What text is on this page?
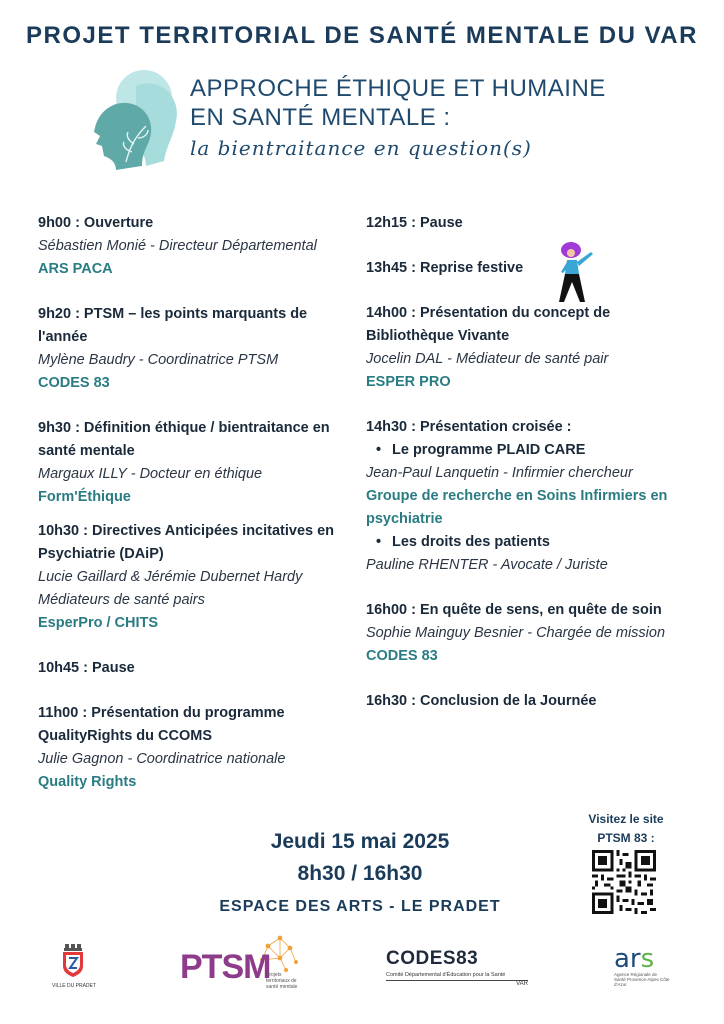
PROJET TERRITORIAL DE SANTÉ MENTALE DU VAR
APPROCHE ÉTHIQUE ET HUMAINE
EN SANTÉ MENTALE :
la bientraitance en question(s)
9h00 : Ouverture
Sébastien Monié - Directeur Départemental
ARS PACA
9h20 : PTSM – les points marquants de l'année
Mylène Baudry - Coordinatrice PTSM
CODES 83
9h30 : Définition éthique / bientraitance en santé mentale
Margaux ILLY - Docteur en éthique
Form'Éthique
10h30 : Directives Anticipées incitatives en Psychiatrie (DAiP)
Lucie Gaillard & Jérémie Dubernet Hardy
Médiateurs de santé pairs
EsperPro / CHITS
10h45 : Pause
11h00 : Présentation du programme QualityRights du CCOMS
Julie Gagnon - Coordinatrice nationale
Quality Rights
12h15 : Pause
13h45 : Reprise festive
14h00 : Présentation du concept de Bibliothèque Vivante
Jocelin DAL - Médiateur de santé pair
ESPER PRO
14h30 : Présentation croisée :
• Le programme PLAID CARE
Jean-Paul Lanquetin - Infirmier chercheur
Groupe de recherche en Soins Infirmiers en psychiatrie
• Les droits des patients
Pauline RHENTER - Avocate / Juriste
16h00 : En quête de sens, en quête de soin
Sophie Mainguy Besnier - Chargée de mission
CODES 83
16h30 : Conclusion de la Journée
Jeudi 15 mai 2025
8h30 / 16h30
ESPACE DES ARTS - LE PRADET
Visitez le site
PTSM 83 :
VILLE DU PRADET PTSM
Projets territoriaux de santé mentale
CODES83
Comité Départemental d'Éducation pour la Santé
VAR
ars
Agence Régionale de Santé Provence-Alpes Côte d'Azur
